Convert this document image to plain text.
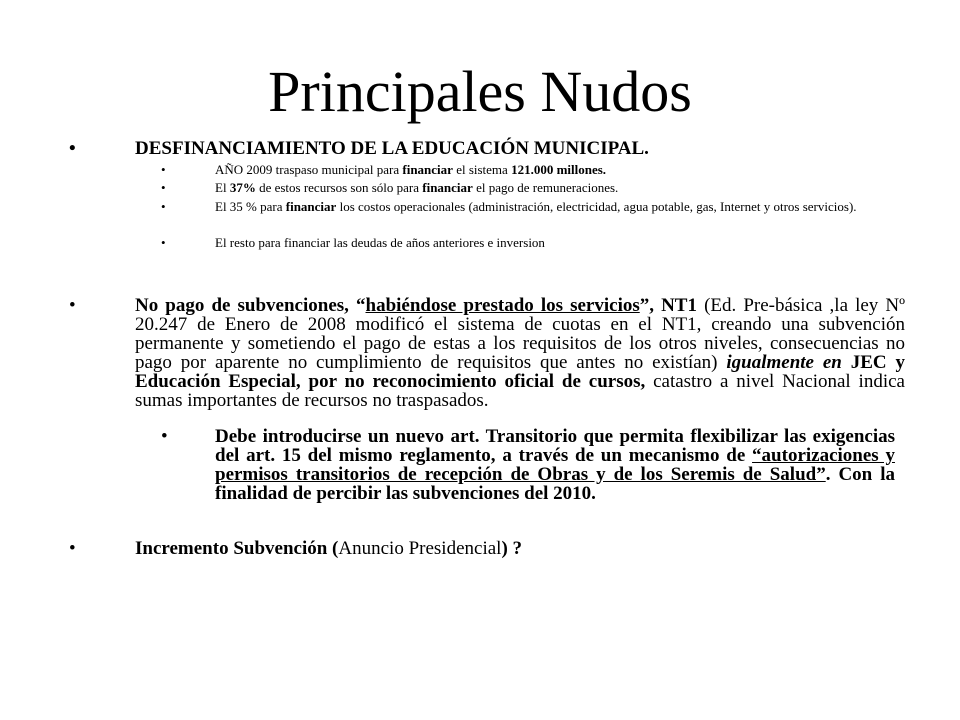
Principales Nudos
•	DESFINANCIAMIENTO DE LA EDUCACIÓN MUNICIPAL.
•	AÑO 2009 traspaso municipal para financiar el sistema 121.000 millones.
•	El 37% de estos recursos son sólo para financiar el pago de remuneraciones.
•	El 35 % para financiar los costos operacionales (administración, electricidad, agua potable, gas, Internet y otros servicios).
•	El resto para financiar las deudas de años anteriores e inversion
•	No pago de subvenciones, “habiéndose prestado los servicios”, NT1 (Ed. Pre-básica ,la ley Nº 20.247 de Enero de 2008 modificó el sistema de cuotas en el NT1, creando una subvención permanente y sometiendo el pago de estas a los requisitos de los otros niveles, consecuencias no pago por aparente no cumplimiento de requisitos que antes no existían) igualmente en JEC y Educación Especial, por no reconocimiento oficial de cursos, catastro a nivel Nacional indica sumas importantes de recursos no traspasados.
• Debe introducirse un nuevo art. Transitorio que permita flexibilizar las exigencias del art. 15 del mismo reglamento, a través de un mecanismo de “autorizaciones y permisos transitorios de recepción de Obras y de los Seremis de Salud”. Con la finalidad de percibir las subvenciones del 2010.
•	Incremento Subvención (Anuncio Presidencial) ?
